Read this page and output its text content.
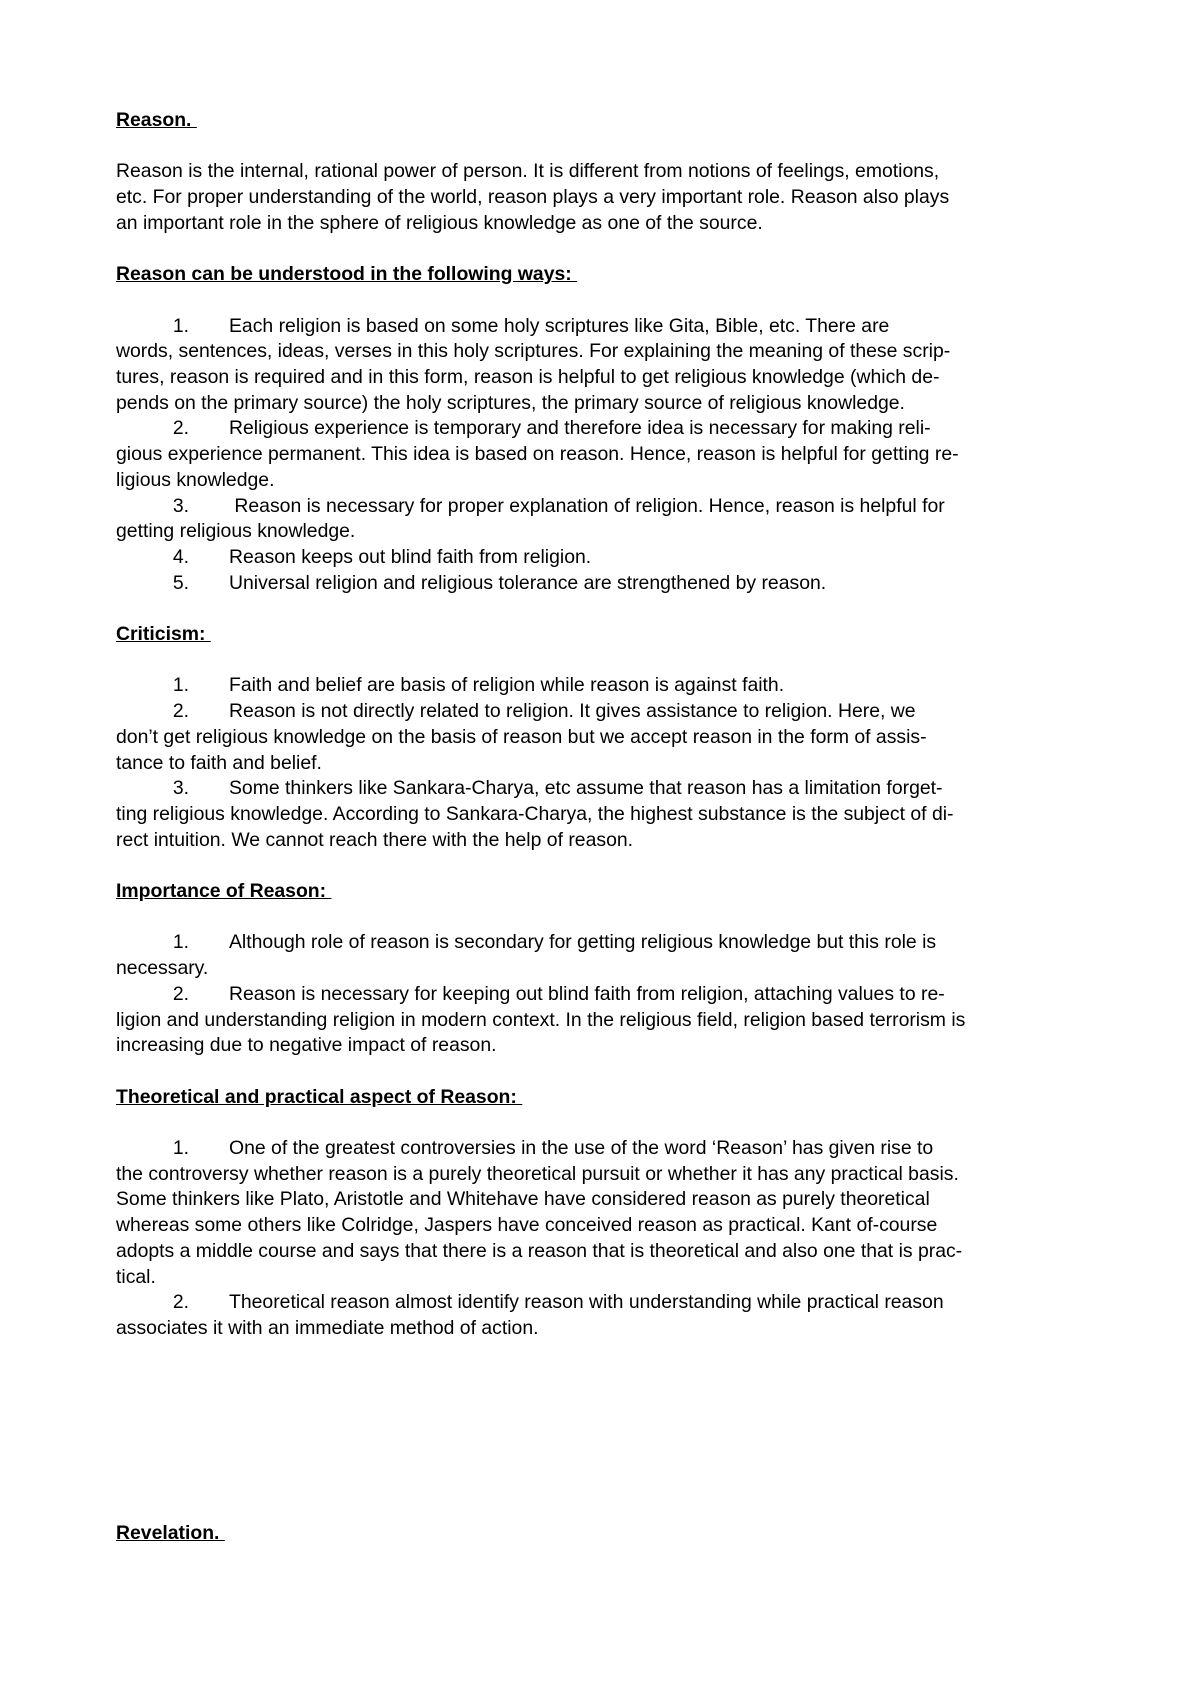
Reason.

Reason is the internal, rational power of person. It is different from notions of feelings, emotions,
etc. For proper understanding of the world, reason plays a very important role. Reason also plays
an important role in the sphere of religious knowledge as one of the source.

Reason can be understood in the following ways:

1. Each religion is based on some holy scriptures like Gita, Bible, etc. There are
words, sentences, ideas, verses in this holy scriptures. For explaining the meaning of these scrip-
tures, reason is required and in this form, reason is helpful to get religious knowledge (which de-
pends on the primary source) the holy scriptures, the primary source of religious knowledge.
2. Religious experience is temporary and therefore idea is necessary for making reli-
gious experience permanent. This idea is based on reason. Hence, reason is helpful for getting re-
ligious knowledge.
3. Reason is necessary for proper explanation of religion. Hence, reason is helpful for
getting religious knowledge.
4. Reason keeps out blind faith from religion.
5. Universal religion and religious tolerance are strengthened by reason.

Criticism:

1. Faith and belief are basis of religion while reason is against faith.
2. Reason is not directly related to religion. It gives assistance to religion. Here, we
don’t get religious knowledge on the basis of reason but we accept reason in the form of assis-
tance to faith and belief.
3. Some thinkers like Sankara-Charya, etc assume that reason has a limitation forget-
ting religious knowledge. According to Sankara-Charya, the highest substance is the subject of di-
rect intuition. We cannot reach there with the help of reason.

Importance of Reason:

1. Although role of reason is secondary for getting religious knowledge but this role is
necessary.
2. Reason is necessary for keeping out blind faith from religion, attaching values to re-
ligion and understanding religion in modern context. In the religious field, religion based terrorism is
increasing due to negative impact of reason.

Theoretical and practical aspect of Reason:

1. One of the greatest controversies in the use of the word ‘Reason’ has given rise to
the controversy whether reason is a purely theoretical pursuit or whether it has any practical basis.
Some thinkers like Plato, Aristotle and Whitehave have considered reason as purely theoretical
whereas some others like Colridge, Jaspers have conceived reason as practical. Kant of-course
adopts a middle course and says that there is a reason that is theoretical and also one that is prac-
tical.
2. Theoretical reason almost identify reason with understanding while practical reason
associates it with an immediate method of action.

Revelation.
